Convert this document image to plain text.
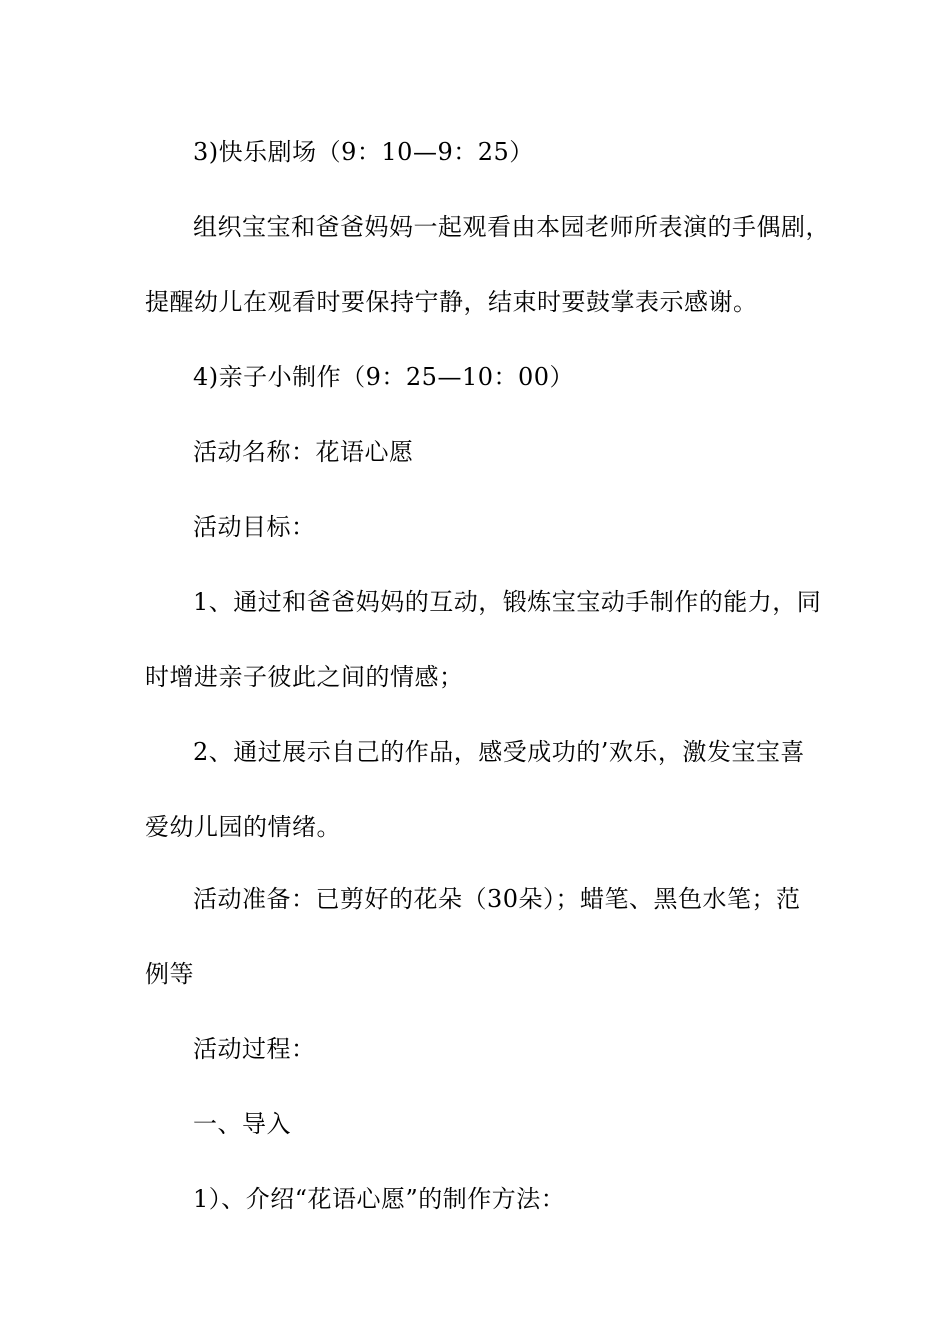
3)快乐剧场（9：10—9：25）
组织宝宝和爸爸妈妈一起观看由本园老师所表演的手偶剧，
提醒幼儿在观看时要保持宁静，结束时要鼓掌表示感谢。
4)亲子小制作（9：25—10：00）
活动名称：花语心愿
活动目标：
1、通过和爸爸妈妈的互动，锻炼宝宝动手制作的能力，同
时增进亲子彼此之间的情感；
2、通过展示自己的作品，感受成功的’欢乐，激发宝宝喜
爱幼儿园的情绪。
活动准备：已剪好的花朵（30朵）；蜡笔、黑色水笔；范
例等
活动过程：
一、导入
1）、介绍“花语心愿”的制作方法：
